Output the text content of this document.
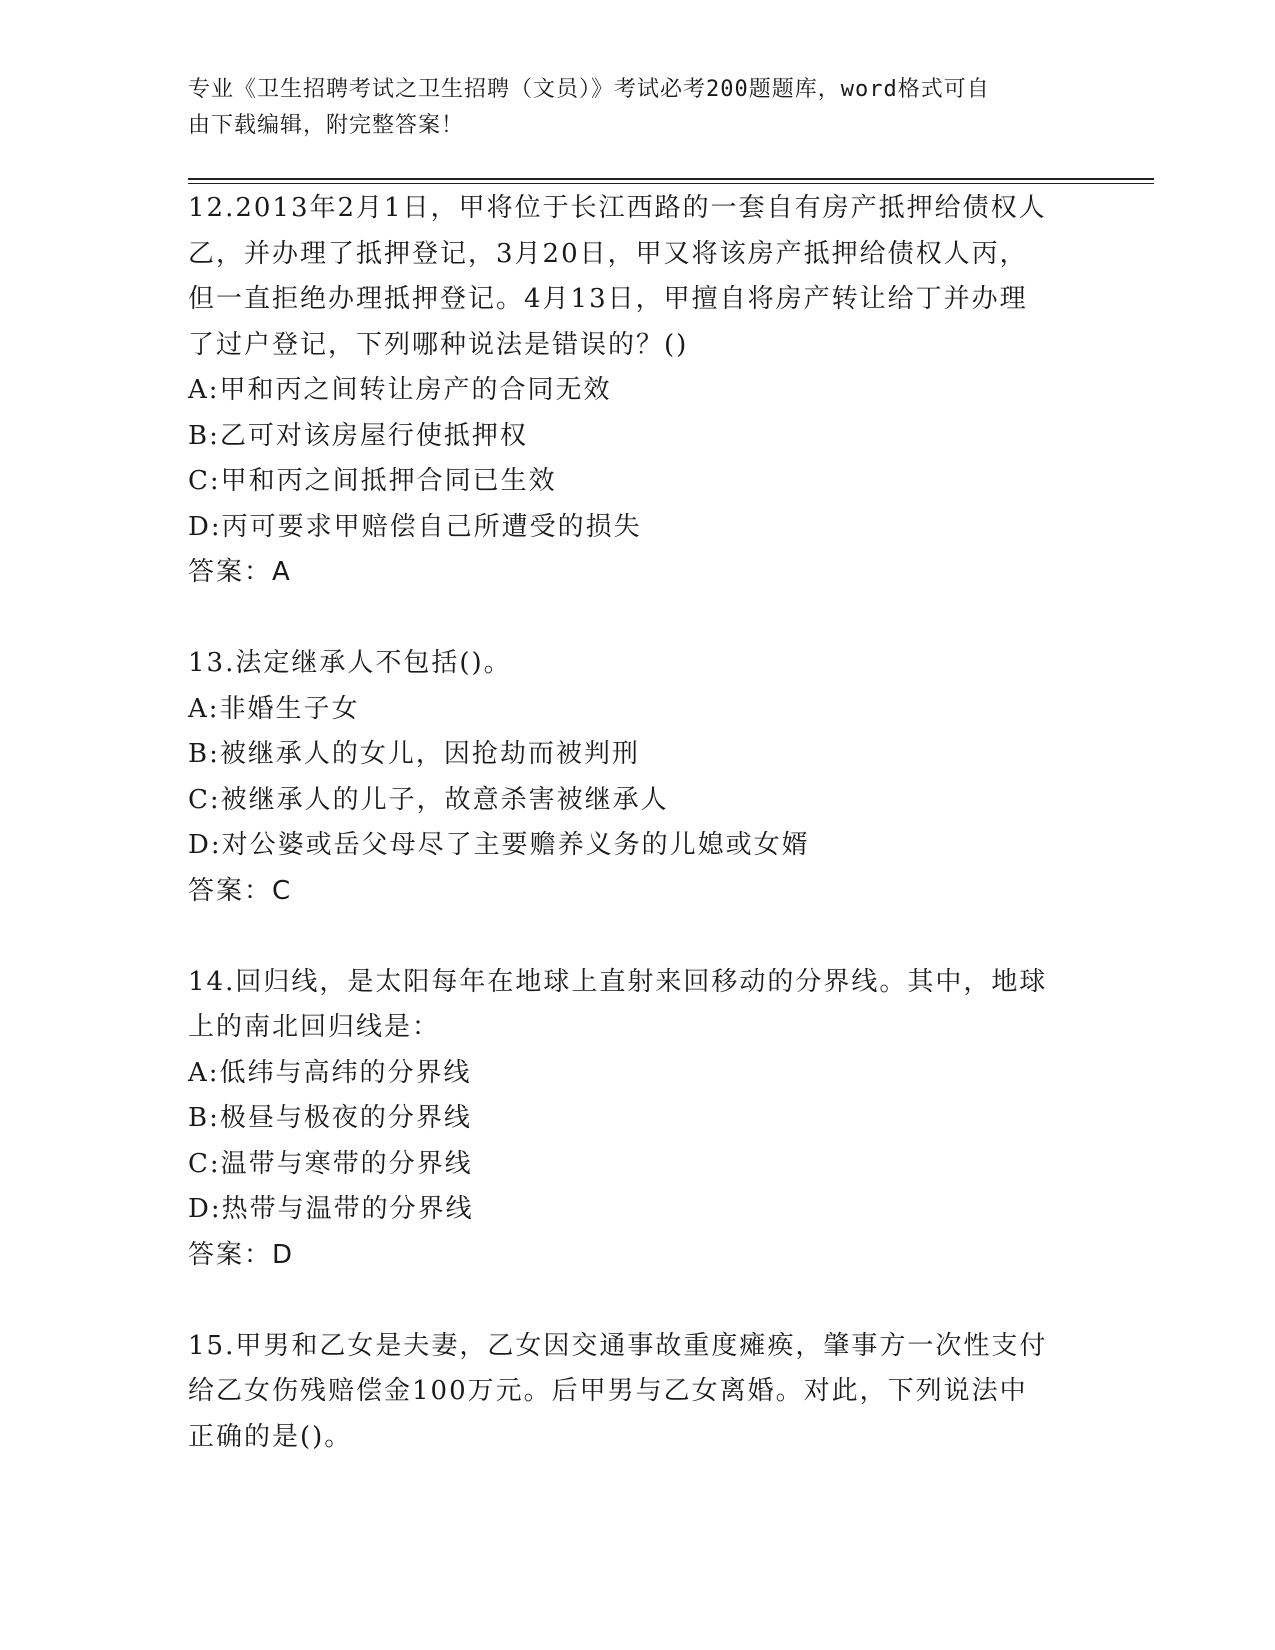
专业《卫生招聘考试之卫生招聘（文员）》考试必考200题题库，word格式可自
由下载编辑，附完整答案！
12.2013年2月1日，甲将位于长江西路的一套自有房产抵押给债权人
乙，并办理了抵押登记，3月20日，甲又将该房产抵押给债权人丙，
但一直拒绝办理抵押登记。4月13日，甲擅自将房产转让给丁并办理
了过户登记，下列哪种说法是错误的？()
A:甲和丙之间转让房产的合同无效
B:乙可对该房屋行使抵押权
C:甲和丙之间抵押合同已生效
D:丙可要求甲赔偿自己所遭受的损失
答案：A
13.法定继承人不包括()。
A:非婚生子女
B:被继承人的女儿，因抢劫而被判刑
C:被继承人的儿子，故意杀害被继承人
D:对公婆或岳父母尽了主要赡养义务的儿媳或女婿
答案：C
14.回归线，是太阳每年在地球上直射来回移动的分界线。其中，地球
上的南北回归线是：
A:低纬与高纬的分界线
B:极昼与极夜的分界线
C:温带与寒带的分界线
D:热带与温带的分界线
答案：D
15.甲男和乙女是夫妻，乙女因交通事故重度瘫痪，肇事方一次性支付
给乙女伤残赔偿金100万元。后甲男与乙女离婚。对此，下列说法中
正确的是()。
